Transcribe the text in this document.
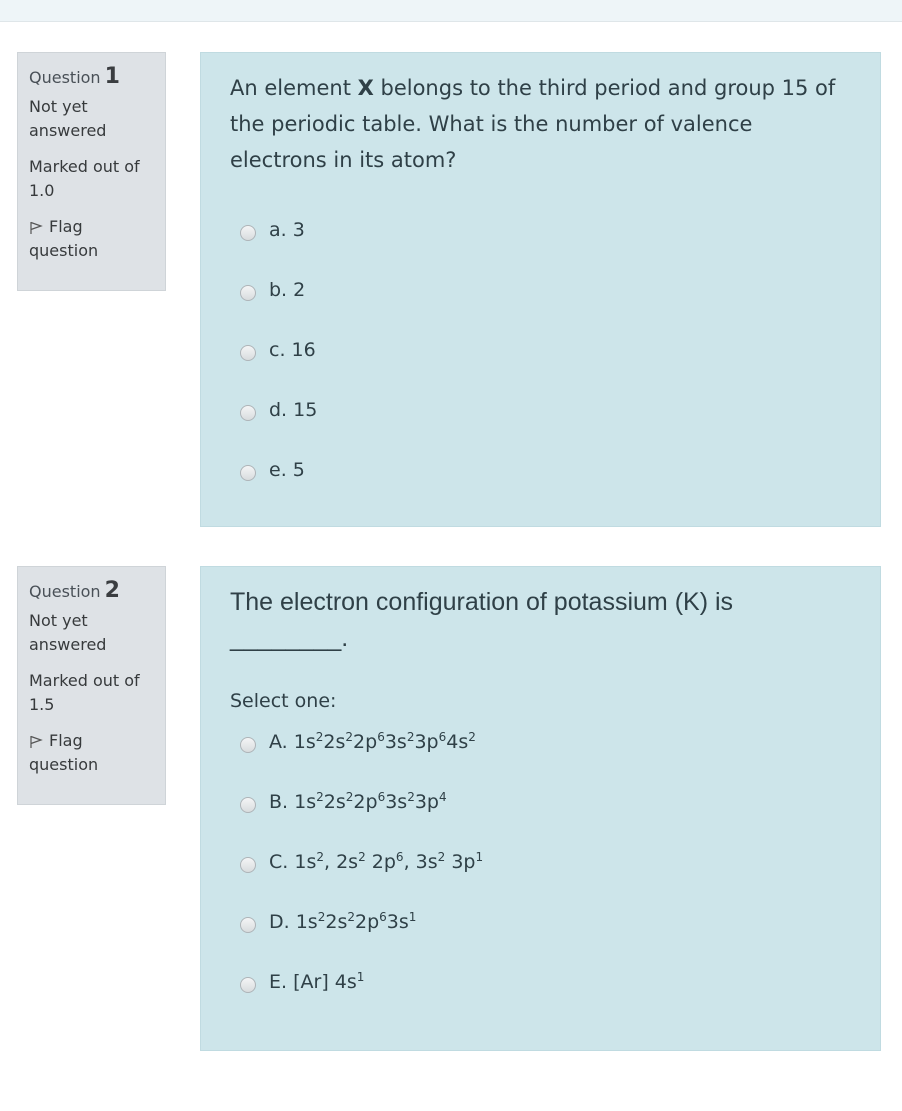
Question 1
Not yet answered
Marked out of 1.0
Flag question
An element X belongs to the third period and group 15 of the periodic table. What is the number of valence electrons in its atom?
a. 3
b. 2
c. 16
d. 15
e. 5
Question 2
Not yet answered
Marked out of 1.5
Flag question
The electron configuration of potassium (K) is ________.
Select one:
A. $1s^22s^22p^63s^23p^64s^2$
B. $1s^22s^22p^63s^23p^4$
C. $1s^2$, $2s^2$ $2p^6$, $3s^2$ $3p^1$
D. $1s^22s^22p^63s^1$
E. [Ar] $4s^1$
